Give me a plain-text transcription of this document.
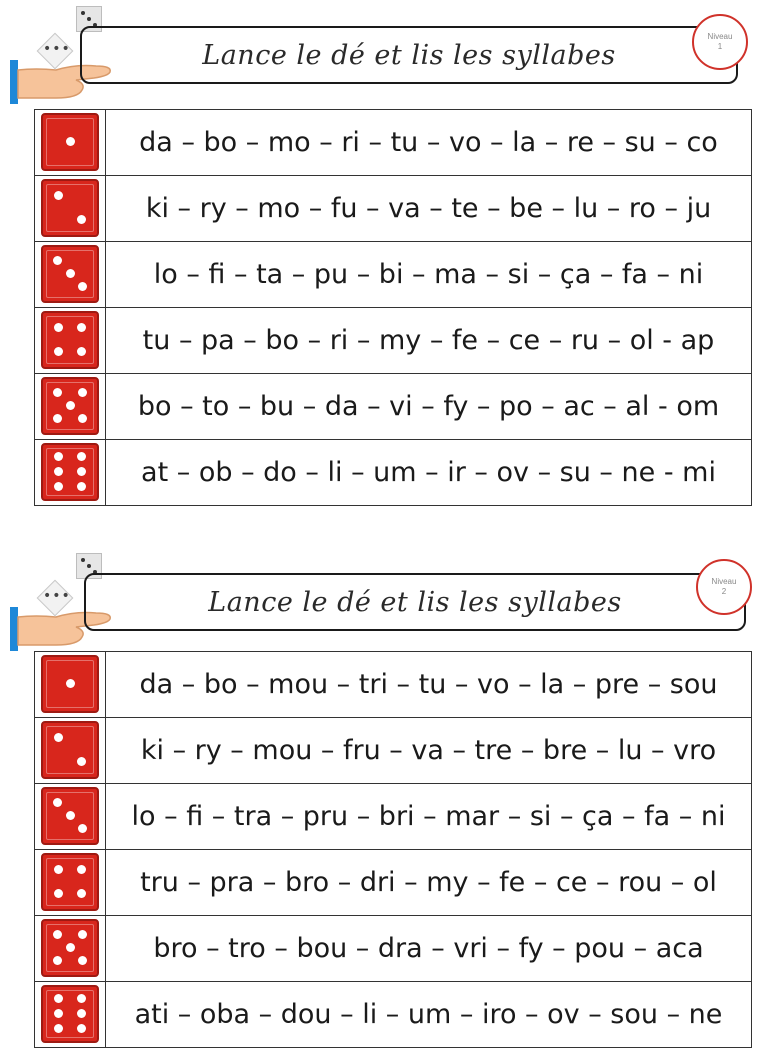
•••	Lance le dé et lis les syllabes
Niveau
1
	da – bo – mo – ri – tu – vo – la – re – su – co

	ki – ry – mo – fu – va – te – be – lu – ro – ju

	lo – fi – ta – pu – bi – ma – si – ça – fa – ni

	tu – pa – bo – ri – my – fe – ce – ru – ol - ap

	bo – to – bu – da – vi – fy – po – ac – al - om

	at – ob – do – li – um – ir – ov – su – ne - mi
•••	Lance le dé et lis les syllabes
Niveau
2
	da – bo – mou – tri – tu – vo – la – pre – sou

	ki – ry – mou – fru – va – tre – bre – lu – vro

	lo – fi – tra – pru – bri – mar – si – ça – fa – ni

	tru – pra – bro – dri – my – fe – ce – rou – ol

	bro – tro – bou – dra – vri – fy – pou – aca

	ati – oba – dou – li – um – iro – ov – sou – ne
